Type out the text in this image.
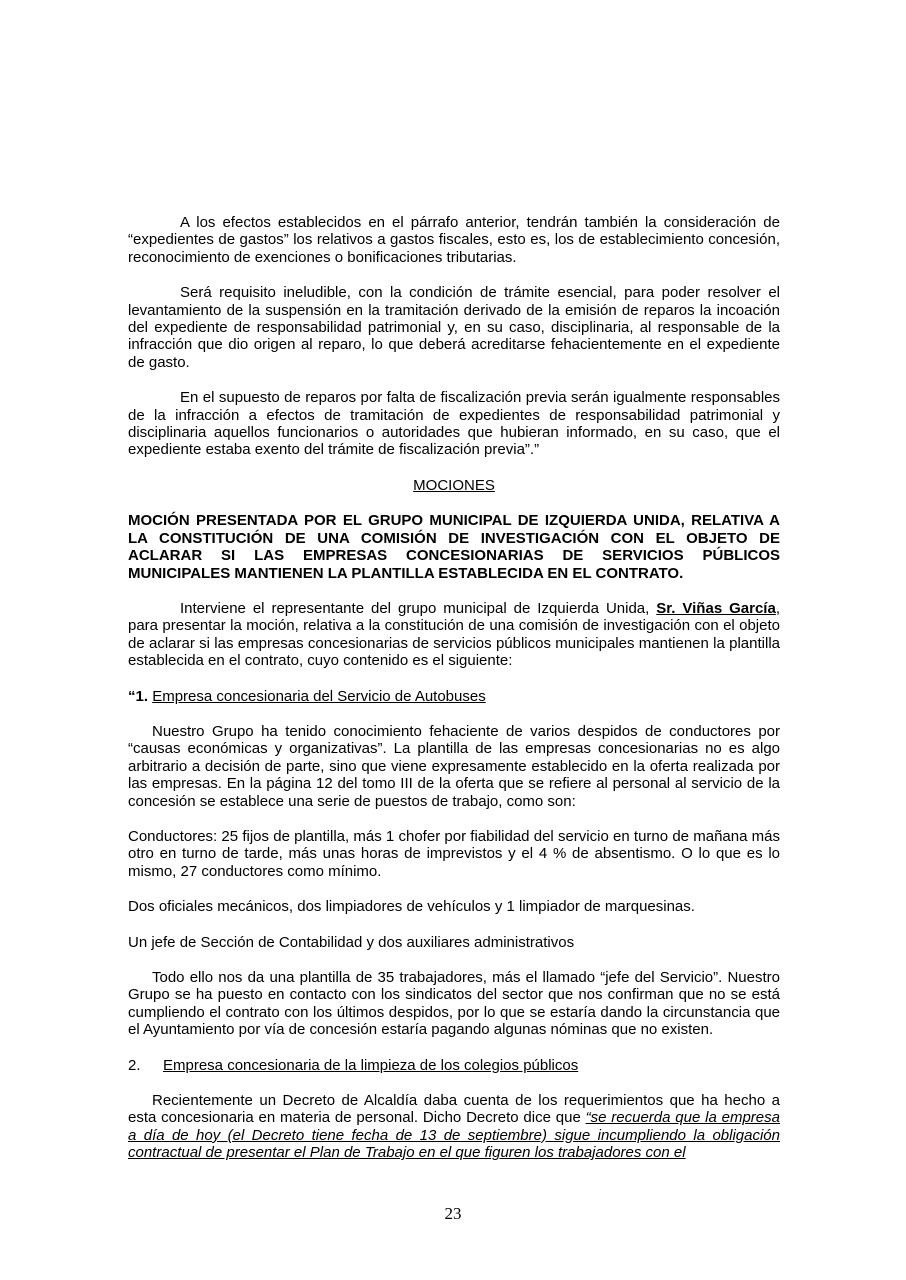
A los efectos establecidos en el párrafo anterior, tendrán también la consideración de “expedientes de gastos” los relativos a gastos fiscales, esto es, los de establecimiento concesión, reconocimiento de exenciones o bonificaciones tributarias.

Será requisito ineludible, con la condición de trámite esencial, para poder resolver el levantamiento de la suspensión en la tramitación derivado de la emisión de reparos la incoación del expediente de responsabilidad patrimonial y, en su caso, disciplinaria, al responsable de la infracción que dio origen al reparo, lo que deberá acreditarse fehacientemente en el expediente de gasto.

En el supuesto de reparos por falta de fiscalización previa serán igualmente responsables de la infracción a efectos de tramitación de expedientes de responsabilidad patrimonial y disciplinaria aquellos funcionarios o autoridades que hubieran informado, en su caso, que el expediente estaba exento del trámite de fiscalización previa”.”

MOCIONES

MOCIÓN PRESENTADA POR EL GRUPO MUNICIPAL DE IZQUIERDA UNIDA, RELATIVA A LA CONSTITUCIÓN DE UNA COMISIÓN DE INVESTIGACIÓN CON EL OBJETO DE ACLARAR SI LAS EMPRESAS CONCESIONARIAS DE SERVICIOS PÚBLICOS MUNICIPALES MANTIENEN LA PLANTILLA ESTABLECIDA EN EL CONTRATO.

Interviene el representante del grupo municipal de Izquierda Unida, Sr. Viñas García, para presentar la moción, relativa a la constitución de una comisión de investigación con el objeto de aclarar si las empresas concesionarias de servicios públicos municipales mantienen la plantilla establecida en el contrato, cuyo contenido es el siguiente:

“1. Empresa concesionaria del Servicio de Autobuses

Nuestro Grupo ha tenido conocimiento fehaciente de varios despidos de conductores por “causas económicas y organizativas”. La plantilla de las empresas concesionarias no es algo arbitrario a decisión de parte, sino que viene expresamente establecido en la oferta realizada por las empresas. En la página 12 del tomo III de la oferta que se refiere al personal al servicio de la concesión se establece una serie de puestos de trabajo, como son:

Conductores: 25 fijos de plantilla, más 1 chofer por fiabilidad del servicio en turno de mañana más otro en turno de tarde, más unas horas de imprevistos y el 4 % de absentismo. O lo que es lo mismo, 27 conductores como mínimo.

Dos oficiales mecánicos, dos limpiadores de vehículos y 1 limpiador de marquesinas.

Un jefe de Sección de Contabilidad y dos auxiliares administrativos

Todo ello nos da una plantilla de 35 trabajadores, más el llamado “jefe del Servicio”. Nuestro Grupo se ha puesto en contacto con los sindicatos del sector que nos confirman que no se está cumpliendo el contrato con los últimos despidos, por lo que se estaría dando la circunstancia que el Ayuntamiento por vía de concesión estaría pagando algunas nóminas que no existen.

2. Empresa concesionaria de la limpieza de los colegios públicos

Recientemente un Decreto de Alcaldía daba cuenta de los requerimientos que ha hecho a esta concesionaria en materia de personal. Dicho Decreto dice que “se recuerda que la empresa a día de hoy (el Decreto tiene fecha de 13 de septiembre) sigue incumpliendo la obligación contractual de presentar el Plan de Trabajo en el que figuren los trabajadores con el

23
